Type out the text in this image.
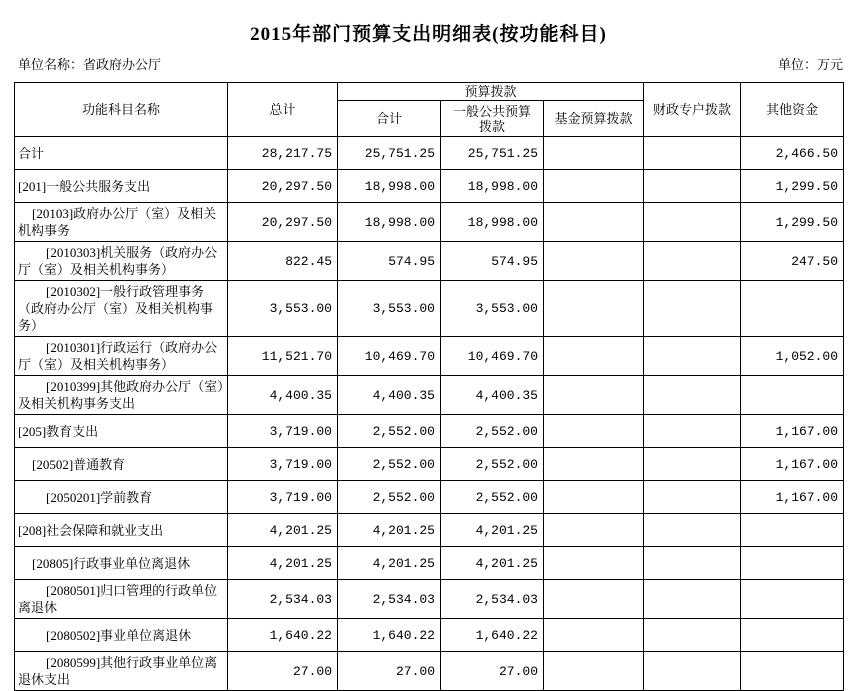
2015年部门预算支出明细表(按功能科目)
单位名称：省政府办公厅	单位：万元
功能科目名称	总计	预算拨款			财政专户拨款	其他资金
		合计	一般公共预算拨款	基金预算拨款		
合计	28,217.75	25,751.25	25,751.25			2,466.50
[201]一般公共服务支出	20,297.50	18,998.00	18,998.00			1,299.50
[20103]政府办公厅（室）及相关机构事务	20,297.50	18,998.00	18,998.00			1,299.50
[2010303]机关服务（政府办公厅（室）及相关机构事务）	822.45	574.95	574.95			247.50
[2010302]一般行政管理事务（政府办公厅（室）及相关机构事务）	3,553.00	3,553.00	3,553.00			
[2010301]行政运行（政府办公厅（室）及相关机构事务）	11,521.70	10,469.70	10,469.70			1,052.00
[2010399]其他政府办公厅（室）及相关机构事务支出	4,400.35	4,400.35	4,400.35			
[205]教育支出	3,719.00	2,552.00	2,552.00			1,167.00
[20502]普通教育	3,719.00	2,552.00	2,552.00			1,167.00
[2050201]学前教育	3,719.00	2,552.00	2,552.00			1,167.00
[208]社会保障和就业支出	4,201.25	4,201.25	4,201.25			
[20805]行政事业单位离退休	4,201.25	4,201.25	4,201.25			
[2080501]归口管理的行政单位离退休	2,534.03	2,534.03	2,534.03			
[2080502]事业单位离退休	1,640.22	1,640.22	1,640.22			
[2080599]其他行政事业单位离退休支出	27.00	27.00	27.00			
